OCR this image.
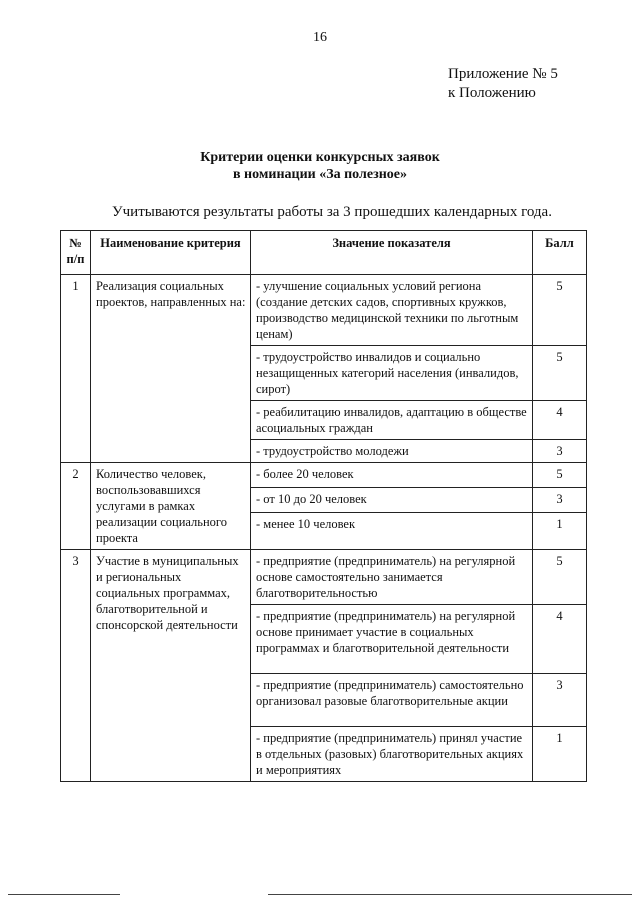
16
Приложение № 5
к Положению
Критерии оценки конкурсных заявок
в номинации «За полезное»
Учитываются результаты работы за 3 прошедших календарных года.
№ п/п	Наименование критерия	Значение показателя	Балл
1	Реализация социальных проектов, направленных на:	- улучшение социальных условий региона (создание детских садов, спортивных кружков, производство медицинской техники по льготным ценам)	5
		- трудоустройство инвалидов и социально незащищенных категорий населения (инвалидов, сирот)	5
		- реабилитацию инвалидов, адаптацию в обществе асоциальных граждан	4
		- трудоустройство молодежи	3
2	Количество человек, воспользовавшихся услугами в рамках реализации социального проекта	- более 20 человек	5
		- от 10 до 20 человек	3
		- менее 10 человек	1
3	Участие в муниципальных и региональных социальных программах, благотворительной и спонсорской деятельности	- предприятие (предприниматель) на регулярной основе самостоятельно занимается благотворительностью	5
		- предприятие (предприниматель) на регулярной основе принимает участие в социальных программах и благотворительной деятельности	4
		- предприятие (предприниматель) самостоятельно организовал разовые благотворительные акции	3
		- предприятие (предприниматель) принял участие в отдельных (разовых) благотворительных акциях и мероприятиях	1
